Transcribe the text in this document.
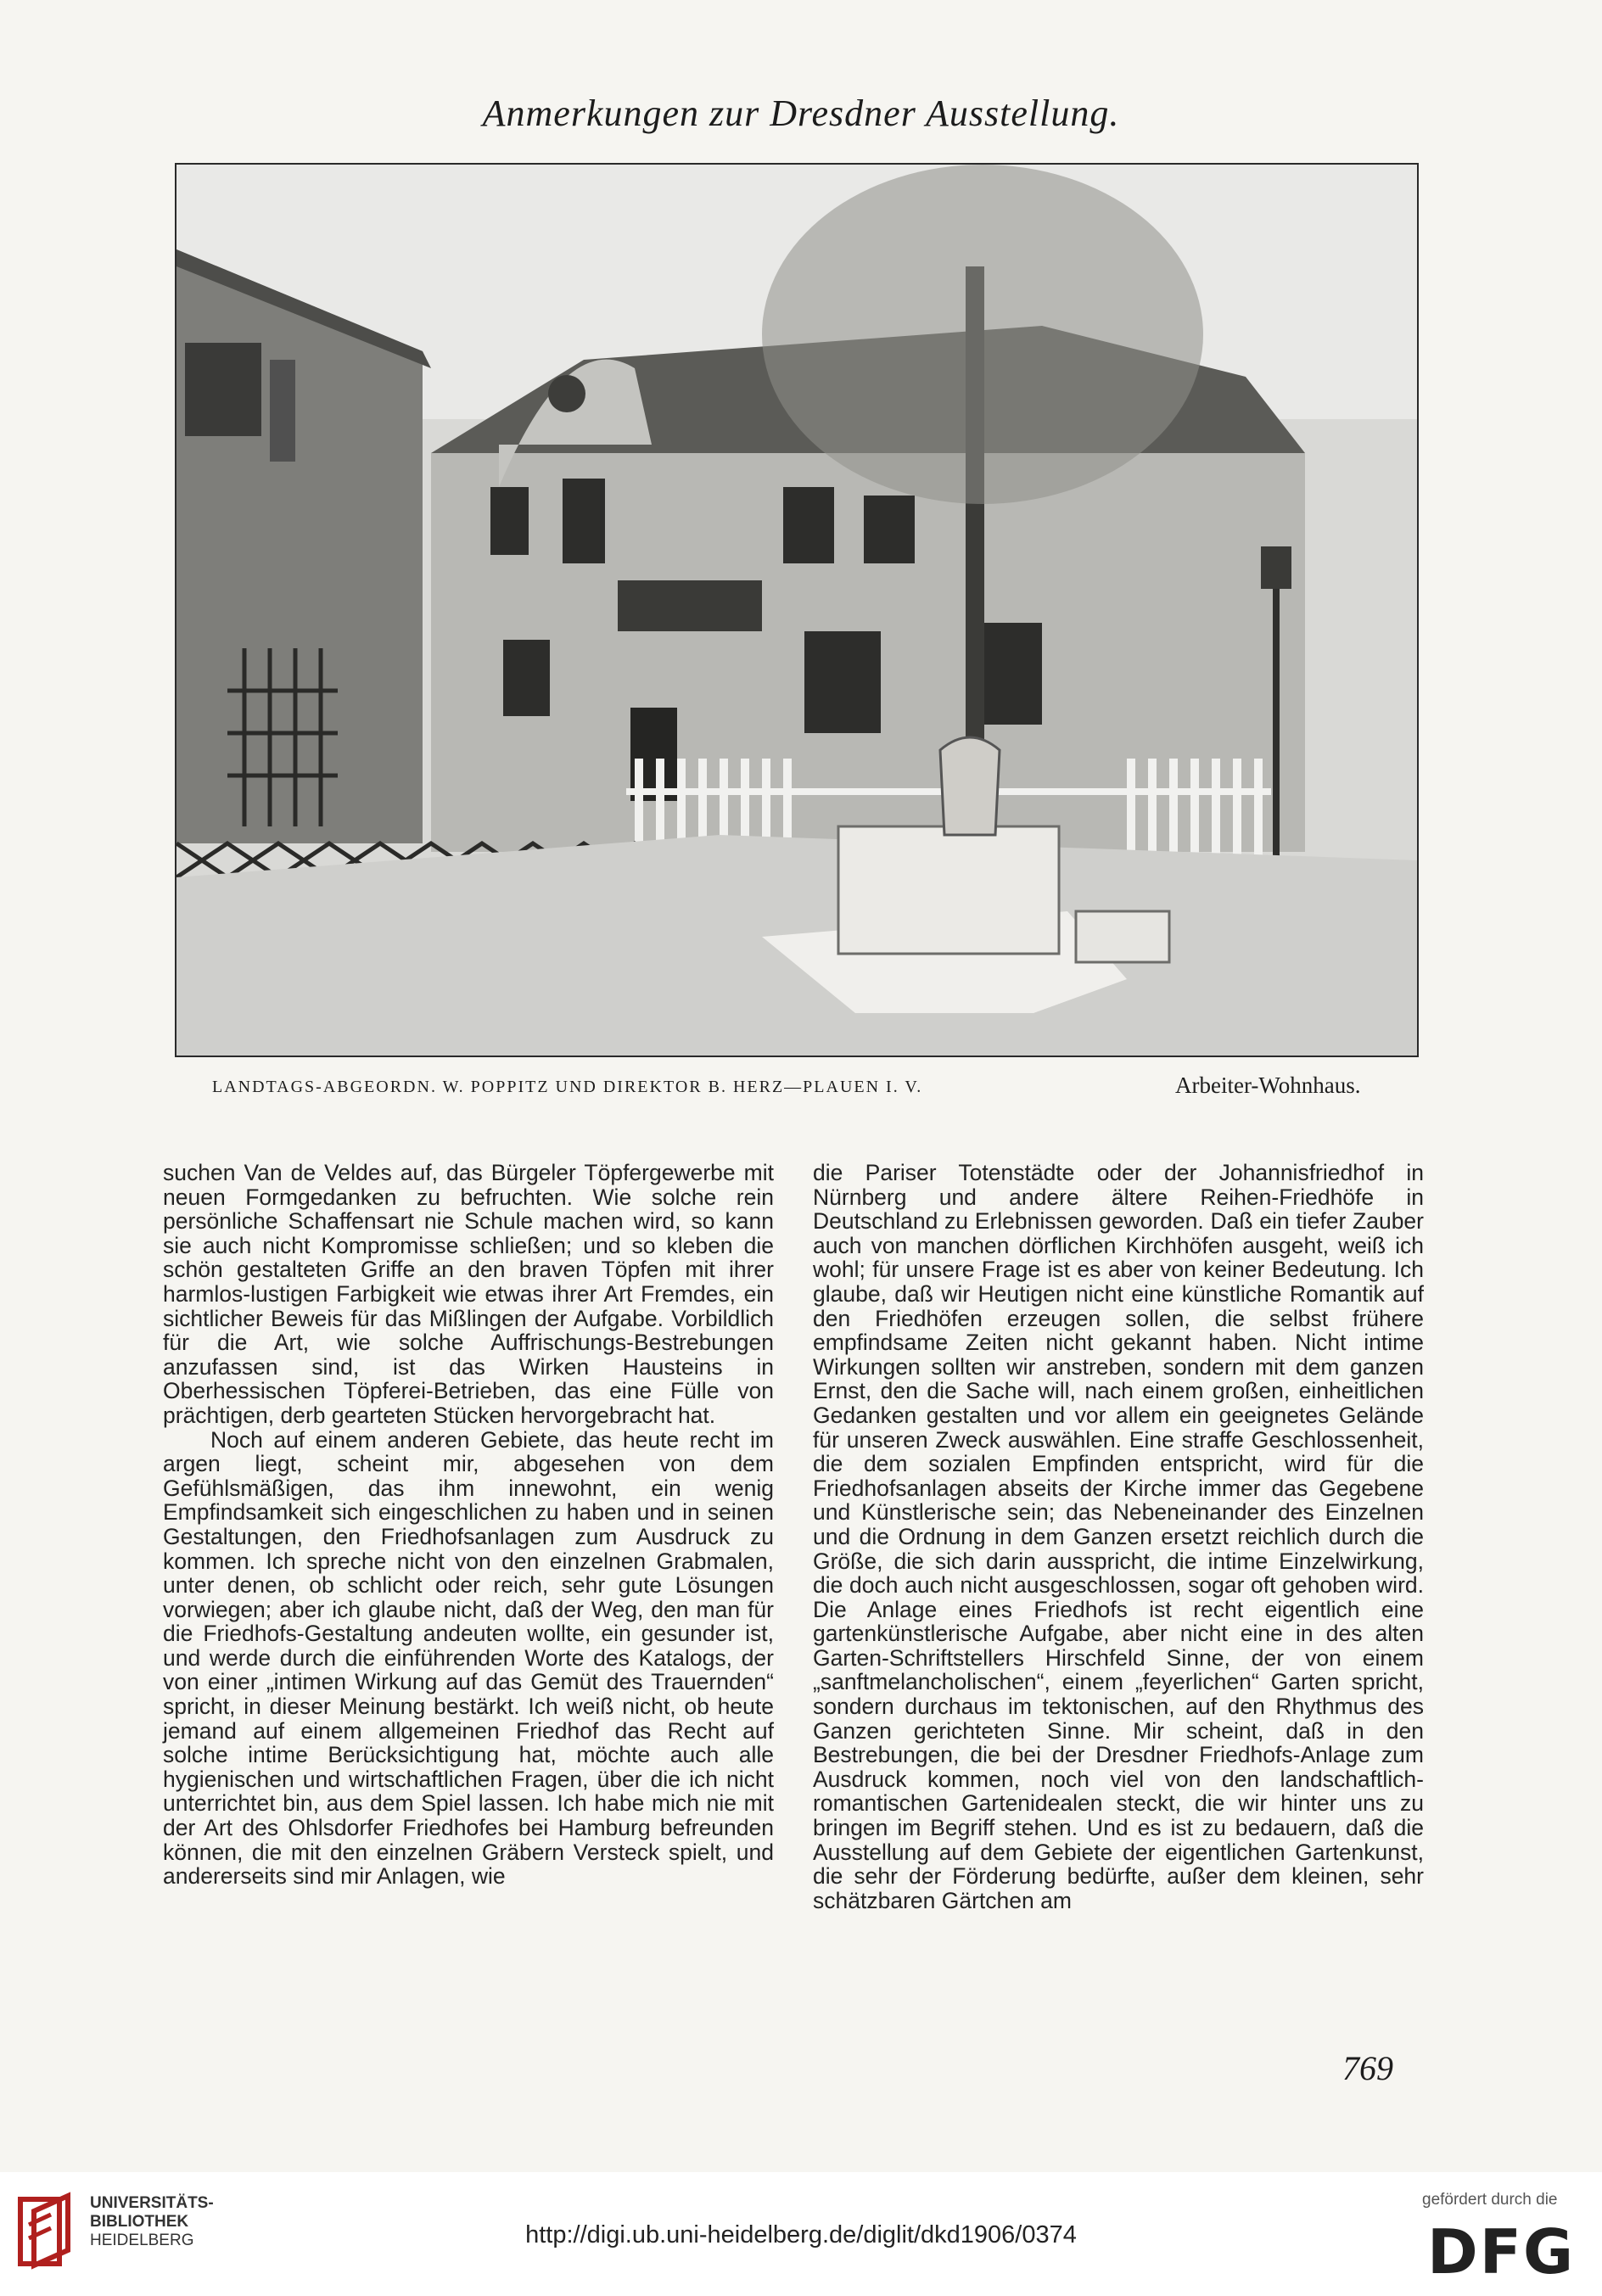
Anmerkungen zur Dresdner Ausstellung.
LANDTAGS-ABGEORDN. W. POPPITZ UND DIREKTOR B. HERZ—PLAUEN I. V.	Arbeiter-Wohnhaus.

suchen Van de Veldes auf, das Bürgeler Töpfergewerbe mit neuen Formgedanken zu befruchten. Wie solche rein persönliche Schaffensart nie Schule machen wird, so kann sie auch nicht Kompromisse schließen; und so kleben die schön gestalteten Griffe an den braven Töpfen mit ihrer harmlos-lustigen Farbigkeit wie etwas ihrer Art Fremdes, ein sichtlicher Beweis für das Mißlingen der Aufgabe. Vorbildlich für die Art, wie solche Auffrischungs-Bestrebungen anzufassen sind, ist das Wirken Hausteins in Oberhessischen Töpferei-Betrieben, das eine Fülle von prächtigen, derb gearteten Stücken hervorgebracht hat.

Noch auf einem anderen Gebiete, das heute recht im argen liegt, scheint mir, abgesehen von dem Gefühlsmäßigen, das ihm innewohnt, ein wenig Empfindsamkeit sich eingeschlichen zu haben und in seinen Gestaltungen, den Friedhofsanlagen zum Ausdruck zu kommen. Ich spreche nicht von den einzelnen Grabmalen, unter denen, ob schlicht oder reich, sehr gute Lösungen vorwiegen; aber ich glaube nicht, daß der Weg, den man für die Friedhofs-Gestaltung andeuten wollte, ein gesunder ist, und werde durch die einführenden Worte des Katalogs, der von einer „intimen Wirkung auf das Gemüt des Trauernden“ spricht, in dieser Meinung bestärkt. Ich weiß nicht, ob heute jemand auf einem allgemeinen Friedhof das Recht auf solche intime Berücksichtigung hat, möchte auch alle hygienischen und wirtschaftlichen Fragen, über die ich nicht unterrichtet bin, aus dem Spiel lassen. Ich habe mich nie mit der Art des Ohlsdorfer Friedhofes bei Hamburg befreunden können, die mit den einzelnen Gräbern Versteck spielt, und andererseits sind mir Anlagen, wie

die Pariser Totenstädte oder der Johannisfriedhof in Nürnberg und andere ältere Reihen-Friedhöfe in Deutschland zu Erlebnissen geworden. Daß ein tiefer Zauber auch von manchen dörflichen Kirchhöfen ausgeht, weiß ich wohl; für unsere Frage ist es aber von keiner Bedeutung. Ich glaube, daß wir Heutigen nicht eine künstliche Romantik auf den Friedhöfen erzeugen sollen, die selbst frühere empfindsame Zeiten nicht gekannt haben. Nicht intime Wirkungen sollten wir anstreben, sondern mit dem ganzen Ernst, den die Sache will, nach einem großen, einheitlichen Gedanken gestalten und vor allem ein geeignetes Gelände für unseren Zweck auswählen. Eine straffe Geschlossenheit, die dem sozialen Empfinden entspricht, wird für die Friedhofsanlagen abseits der Kirche immer das Gegebene und Künstlerische sein; das Nebeneinander des Einzelnen und die Ordnung in dem Ganzen ersetzt reichlich durch die Größe, die sich darin ausspricht, die intime Einzelwirkung, die doch auch nicht ausgeschlossen, sogar oft gehoben wird. Die Anlage eines Friedhofs ist recht eigentlich eine gartenkünstlerische Aufgabe, aber nicht eine in des alten Garten-Schriftstellers Hirschfeld Sinne, der von einem „sanftmelancholischen“, einem „feyerlichen“ Garten spricht, sondern durchaus im tektonischen, auf den Rhythmus des Ganzen gerichteten Sinne. Mir scheint, daß in den Bestrebungen, die bei der Dresdner Friedhofs-Anlage zum Ausdruck kommen, noch viel von den landschaftlich-romantischen Gartenidealen steckt, die wir hinter uns zu bringen im Begriff stehen. Und es ist zu bedauern, daß die Ausstellung auf dem Gebiete der eigentlichen Gartenkunst, die sehr der Förderung bedürfte, außer dem kleinen, sehr schätzbaren Gärtchen am

769
UNIVERSITÄTS-
BIBLIOTHEK
HEIDELBERG	http://digi.ub.uni-heidelberg.de/diglit/dkd1906/0374
gefördert durch die
DFG
